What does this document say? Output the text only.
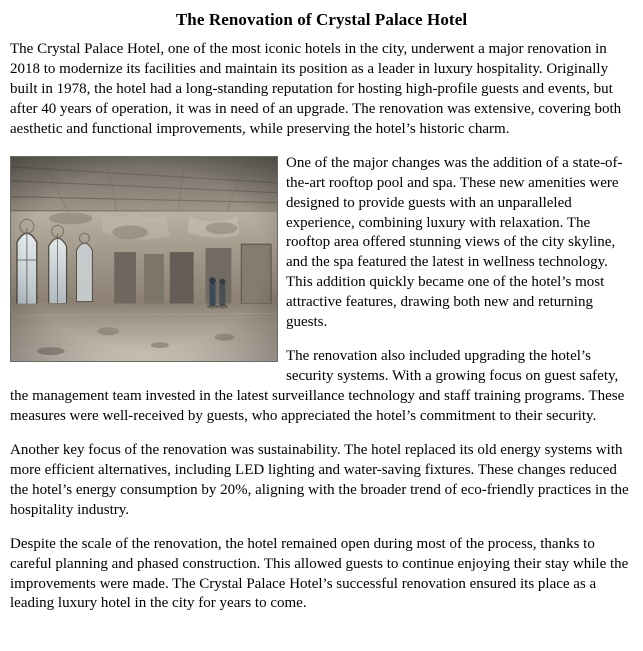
The Renovation of Crystal Palace Hotel

The Crystal Palace Hotel, one of the most iconic hotels in the city, underwent a major renovation in 2018 to modernize its facilities and maintain its position as a leader in luxury hospitality. Originally built in 1978, the hotel had a long-standing reputation for hosting high-profile guests and events, but after 40 years of operation, it was in need of an upgrade. The renovation was extensive, covering both aesthetic and functional improvements, while preserving the hotel’s historic charm.

One of the major changes was the addition of a state-of-the-art rooftop pool and spa. These new amenities were designed to provide guests with an unparalleled experience, combining luxury with relaxation. The rooftop area offered stunning views of the city skyline, and the spa featured the latest in wellness technology. This addition quickly became one of the hotel’s most attractive features, drawing both new and returning guests.

The renovation also included upgrading the hotel’s security systems. With a growing focus on guest safety, the management team invested in the latest surveillance technology and staff training programs. These measures were well-received by guests, who appreciated the hotel’s commitment to their security.

Another key focus of the renovation was sustainability. The hotel replaced its old energy systems with more efficient alternatives, including LED lighting and water-saving fixtures. These changes reduced the hotel’s energy consumption by 20%, aligning with the broader trend of eco-friendly practices in the hospitality industry.

Despite the scale of the renovation, the hotel remained open during most of the process, thanks to careful planning and phased construction. This allowed guests to continue enjoying their stay while the improvements were made. The Crystal Palace Hotel’s successful renovation ensured its place as a leading luxury hotel in the city for years to come.
